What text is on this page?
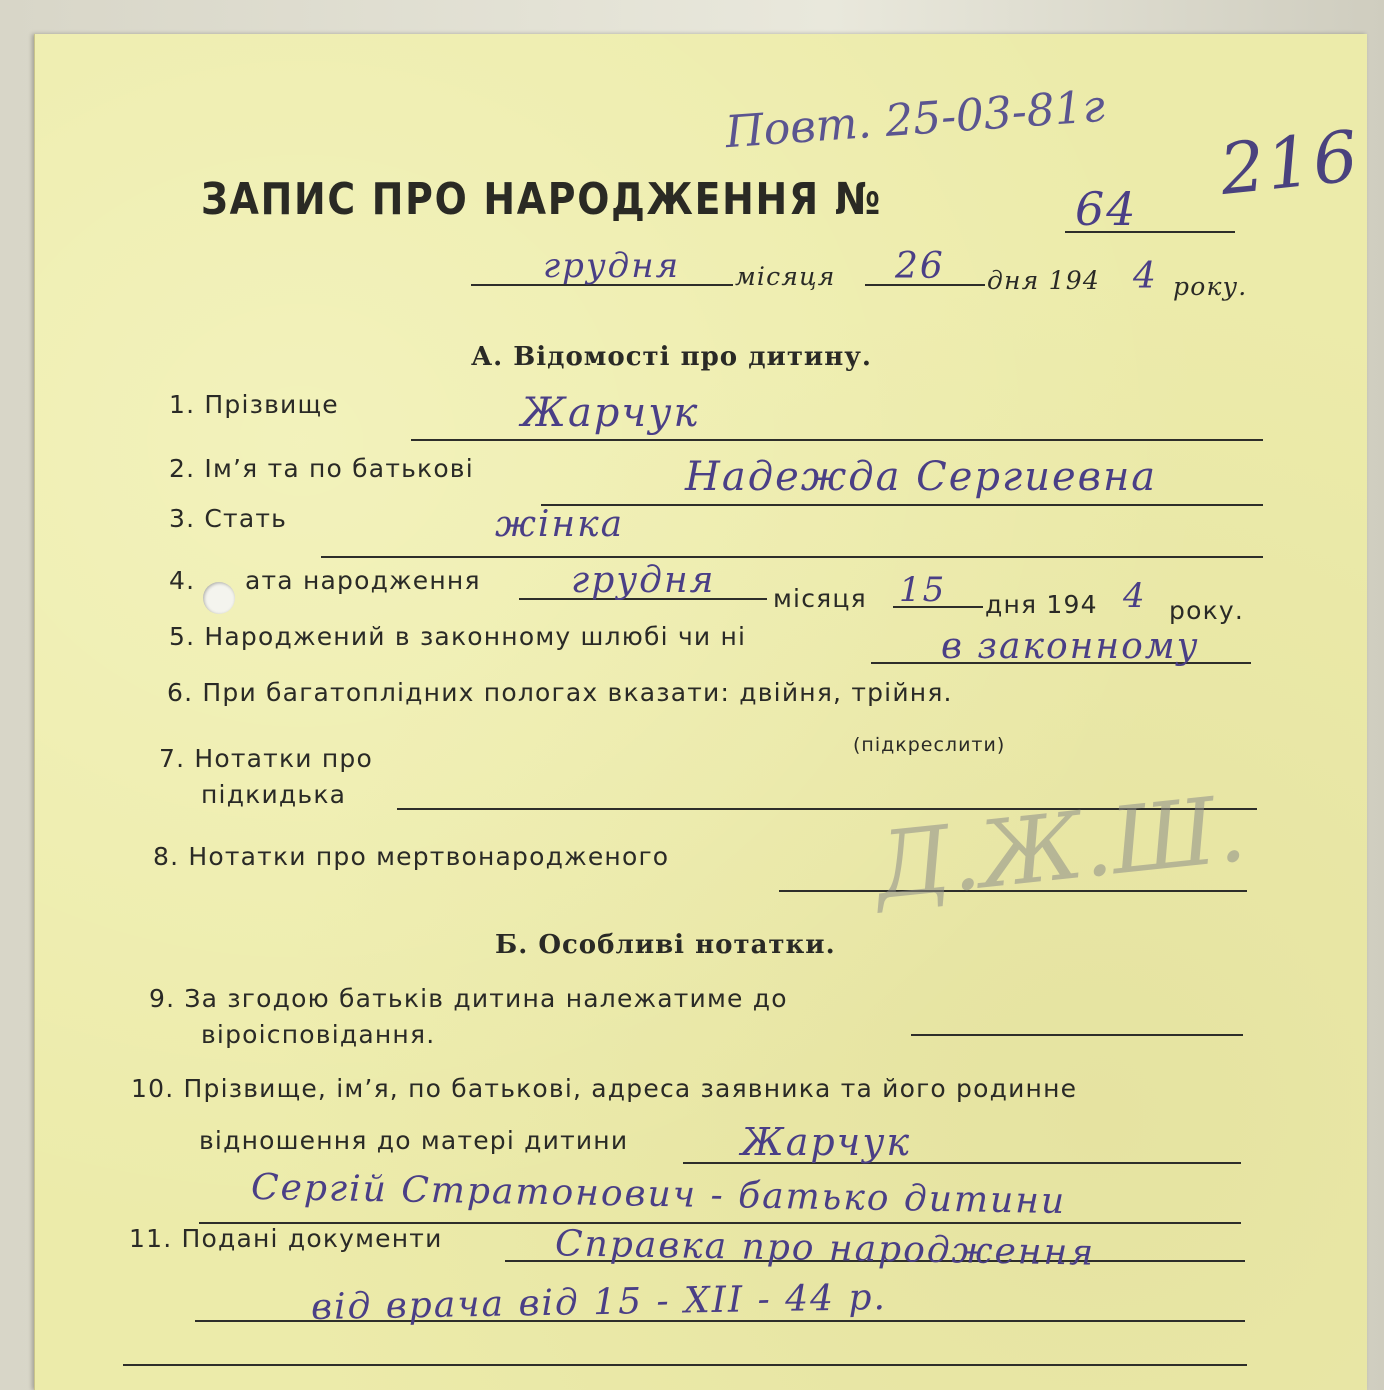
Повт. 25-03-81г 216
ЗАПИС ПРО НАРОДЖЕННЯ №	64
грудня місяця 26 дня 194 4 року.
А. Відомості про дитину.
1. Прізвище	Жарчук
2. Ім’я та по батькові	Надежда Сергиевна
3. Стать	жінка
4. ата народження	грудня місяця 15 дня 194 4 року.
5. Народжений в законному шлюбі чи ні	в законному
6. При багатоплідних пологах вказати: двійня, трійня.
(підкреслити)
7. Нотатки про
підкидька
8. Нотатки про мертвонародженого Д.Ж.Ш.
Б. Особливі нотатки.
9. За згодою батьків дитина належатиме до
віроісповідання.
10. Прізвище, ім’я, по батькові, адреса заявника та його родинне
відношення до матері дитини	Жарчук
Сергій Стратонович - батько дитини
11. Подані документи	Справка про народження
від врача від 15 - XII - 44 р.
